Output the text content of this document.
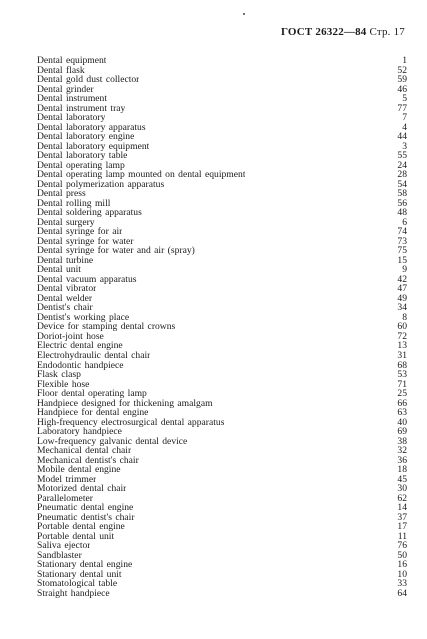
ГОСТ 26322—84 Стр. 17
Dental equipment	1
Dental flask	52
Dental gold dust collector	59
Dental grinder	46
Dental instrument	5
Dental instrument tray	77
Dental laboratory	7
Dental laboratory apparatus	4
Dental laboratory engine	44
Dental laboratory equipment	3
Dental laboratory table	55
Dental operating lamp	24
Dental operating lamp mounted on dental equipment	28
Dental polymerization apparatus	54
Dental press	58
Dental rolling mill	56
Dental soldering apparatus	48
Dental surgery	6
Dental syringe for air	74
Dental syringe for water	73
Dental syringe for water and air (spray)	75
Dental turbine	15
Dental unit	9
Dental vacuum apparatus	42
Dental vibrator	47
Dental welder	49
Dentist's chair	34
Dentist's working place	8
Device for stamping dental crowns	60
Doriot-joint hose	72
Electric dental engine	13
Electrohydraulic dental chair	31
Endodontic handpiece	68
Flask clasp	53
Flexible hose	71
Floor dental operating lamp	25
Handpiece designed for thickening amalgam	66
Handpiece for dental engine	63
High-frequency electrosurgical dental apparatus	40
Laboratory handpiece	69
Low-frequency galvanic dental device	38
Mechanical dental chair	32
Mechanical dentist's chair	36
Mobile dental engine	18
Model trimmer	45
Motorized dental chair	30
Parallelometer	62
Pneumatic dental engine	14
Pneumatic dentist's chair	37
Portable dental engine	17
Portable dental unit	11
Saliva ejector	76
Sandblaster	50
Stationary dental engine	16
Stationary dental unit	10
Stomatological table	33
Straight handpiece	64
